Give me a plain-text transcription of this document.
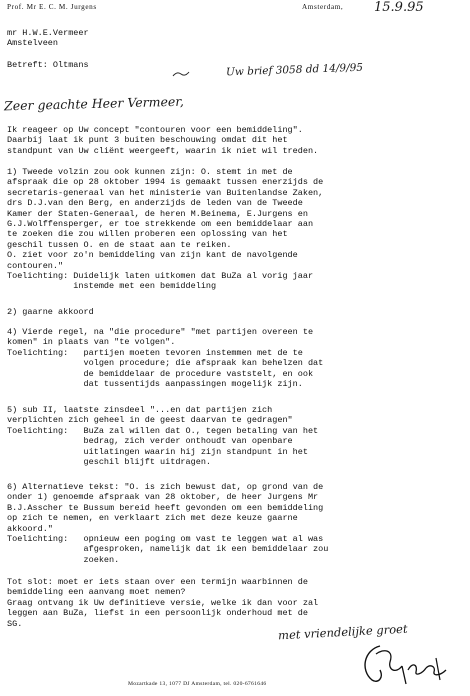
Prof. Mr E. C. M. Jurgens	Amsterdam, 15.9.95
mr H.W.E.Vermeer
Amstelveen
Betreft: Oltmans	Uw brief 3058 dd 14/9/95
Zeer geachte Heer Vermeer,
Ik reageer op Uw concept "contouren voor een bemiddeling".
Daarbij laat ik punt 3 buiten beschouwing omdat dit het
standpunt van Uw cliënt weergeeft, waarin ik niet wil treden.
1) Tweede volzin zou ook kunnen zijn: O. stemt in met de
afspraak die op 28 oktober 1994 is gemaakt tussen enerzijds de
secretaris-generaal van het ministerie van Buitenlandse Zaken,
drs D.J.van den Berg, en anderzijds de leden van de Tweede
Kamer der Staten-Generaal, de heren M.Beinema, E.Jurgens en
G.J.Wolffensperger, er toe strekkende om een bemiddelaar aan
te zoeken die zou willen proberen een oplossing van het
geschil tussen O. en de staat aan te reiken.
O. ziet voor zo'n bemiddeling van zijn kant de navolgende
contouren."
Toelichting: Duidelijk laten uitkomen dat BuZa al vorig jaar
instemde met een bemiddeling
2) gaarne akkoord
4) Vierde regel, na "die procedure" "met partijen overeen te
komen" in plaats van "te volgen".
Toelichting:   partijen moeten tevoren instemmen met de te
volgen procedure; die afspraak kan behelzen dat
de bemiddelaar de procedure vaststelt, en ook
dat tussentijds aanpassingen mogelijk zijn.
5) sub II, laatste zinsdeel "...en dat partijen zich
verplichten zich geheel in de geest daarvan te gedragen"
Toelichting:   BuZa zal willen dat O., tegen betaling van het
bedrag, zich verder onthoudt van openbare
uitlatingen waarin hij zijn standpunt in het
geschil blijft uitdragen.
6) Alternatieve tekst: "O. is zich bewust dat, op grond van de
onder 1) genoemde afspraak van 28 oktober, de heer Jurgens Mr
B.J.Asscher te Bussum bereid heeft gevonden om een bemiddeling
op zich te nemen, en verklaart zich met deze keuze gaarne
akkoord."
Toelichting:   opnieuw een poging om vast te leggen wat al was
afgesproken, namelijk dat ik een bemiddelaar zou
zoeken.
Tot slot: moet er iets staan over een termijn waarbinnen de
bemiddeling een aanvang moet nemen?
Graag ontvang ik Uw definitieve versie, welke ik dan voor zal
leggen aan BuZa, liefst in een persoonlijk onderhoud met de
SG.	met vriendelijke groet
Mozartkade 13, 1077 DJ Amsterdam, tel. 020-6761646
